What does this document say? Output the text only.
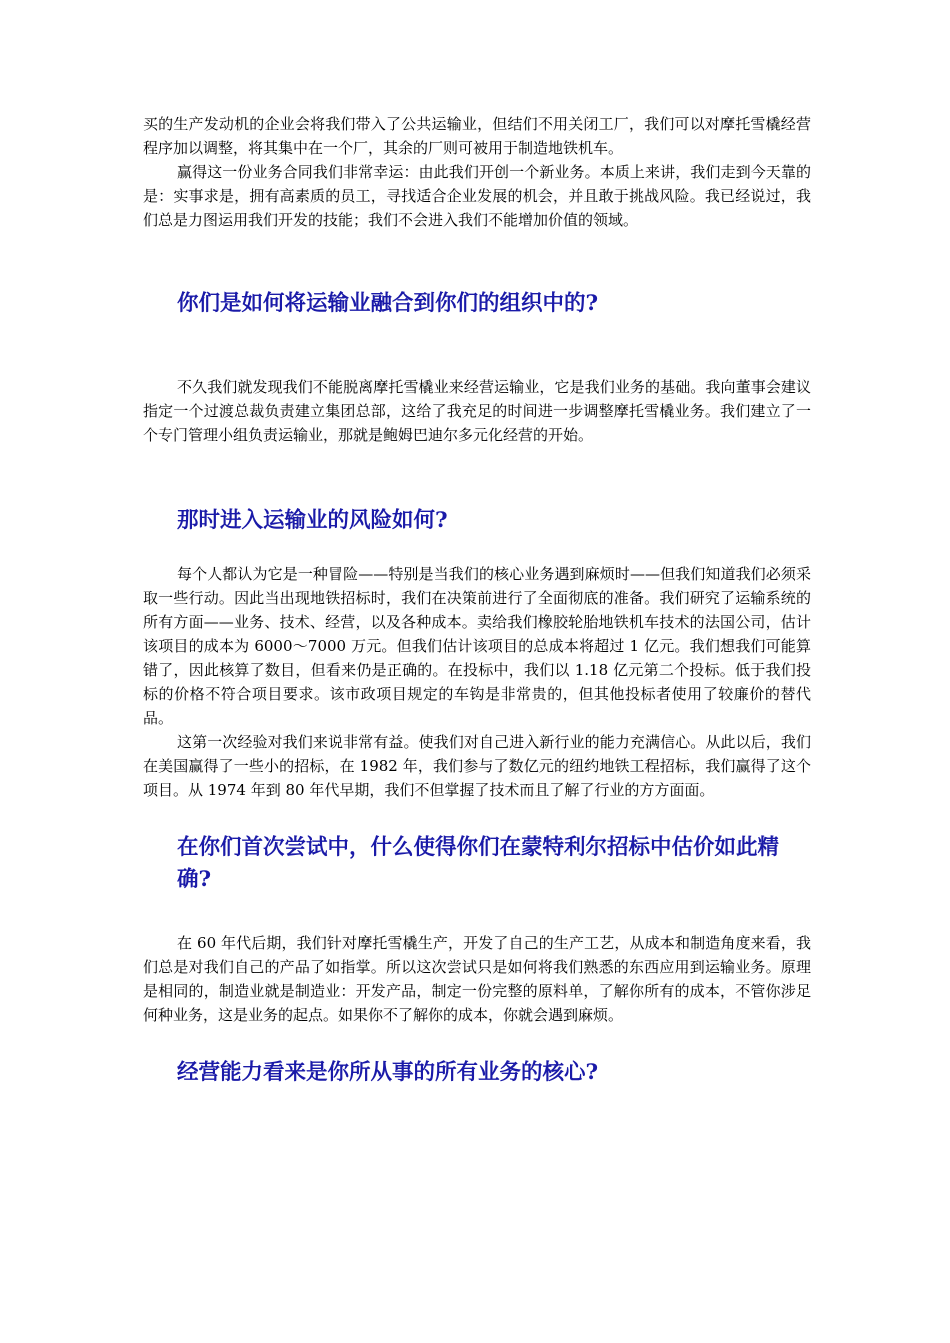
买的生产发动机的企业会将我们带入了公共运输业，但结们不用关闭工厂，我们可以对摩托雪橇经营程序加以调整，将其集中在一个厂，其余的厂则可被用于制造地铁机车。

赢得这一份业务合同我们非常幸运：由此我们开创一个新业务。本质上来讲，我们走到今天靠的是：实事求是，拥有高素质的员工，寻找适合企业发展的机会，并且敢于挑战风险。我已经说过，我们总是力图运用我们开发的技能；我们不会进入我们不能增加价值的领域。

你们是如何将运输业融合到你们的组织中的?

不久我们就发现我们不能脱离摩托雪橇业来经营运输业，它是我们业务的基础。我向董事会建议指定一个过渡总裁负责建立集团总部，这给了我充足的时间进一步调整摩托雪橇业务。我们建立了一个专门管理小组负责运输业，那就是鲍姆巴迪尔多元化经营的开始。

那时进入运输业的风险如何?

每个人都认为它是一种冒险——特别是当我们的核心业务遇到麻烦时——但我们知道我们必须采取一些行动。因此当出现地铁招标时，我们在决策前进行了全面彻底的准备。我们研究了运输系统的所有方面——业务、技术、经营，以及各种成本。卖给我们橡胶轮胎地铁机车技术的法国公司，估计该项目的成本为 6000～7000 万元。但我们估计该项目的总成本将超过 1 亿元。我们想我们可能算错了，因此核算了数目，但看来仍是正确的。在投标中，我们以 1.18 亿元第二个投标。低于我们投标的价格不符合项目要求。该市政项目规定的车钩是非常贵的，但其他投标者使用了较廉价的替代品。

这第一次经验对我们来说非常有益。使我们对自己进入新行业的能力充满信心。从此以后，我们在美国赢得了一些小的招标，在 1982 年，我们参与了数亿元的纽约地铁工程招标，我们赢得了这个项目。从 1974 年到 80 年代早期，我们不但掌握了技术而且了解了行业的方方面面。

在你们首次尝试中，什么使得你们在蒙特利尔招标中估价如此精确?

在 60 年代后期，我们针对摩托雪橇生产，开发了自己的生产工艺，从成本和制造角度来看，我们总是对我们自己的产品了如指掌。所以这次尝试只是如何将我们熟悉的东西应用到运输业务。原理是相同的，制造业就是制造业：开发产品，制定一份完整的原料单，了解你所有的成本，不管你涉足何种业务，这是业务的起点。如果你不了解你的成本，你就会遇到麻烦。

经营能力看来是你所从事的所有业务的核心?
